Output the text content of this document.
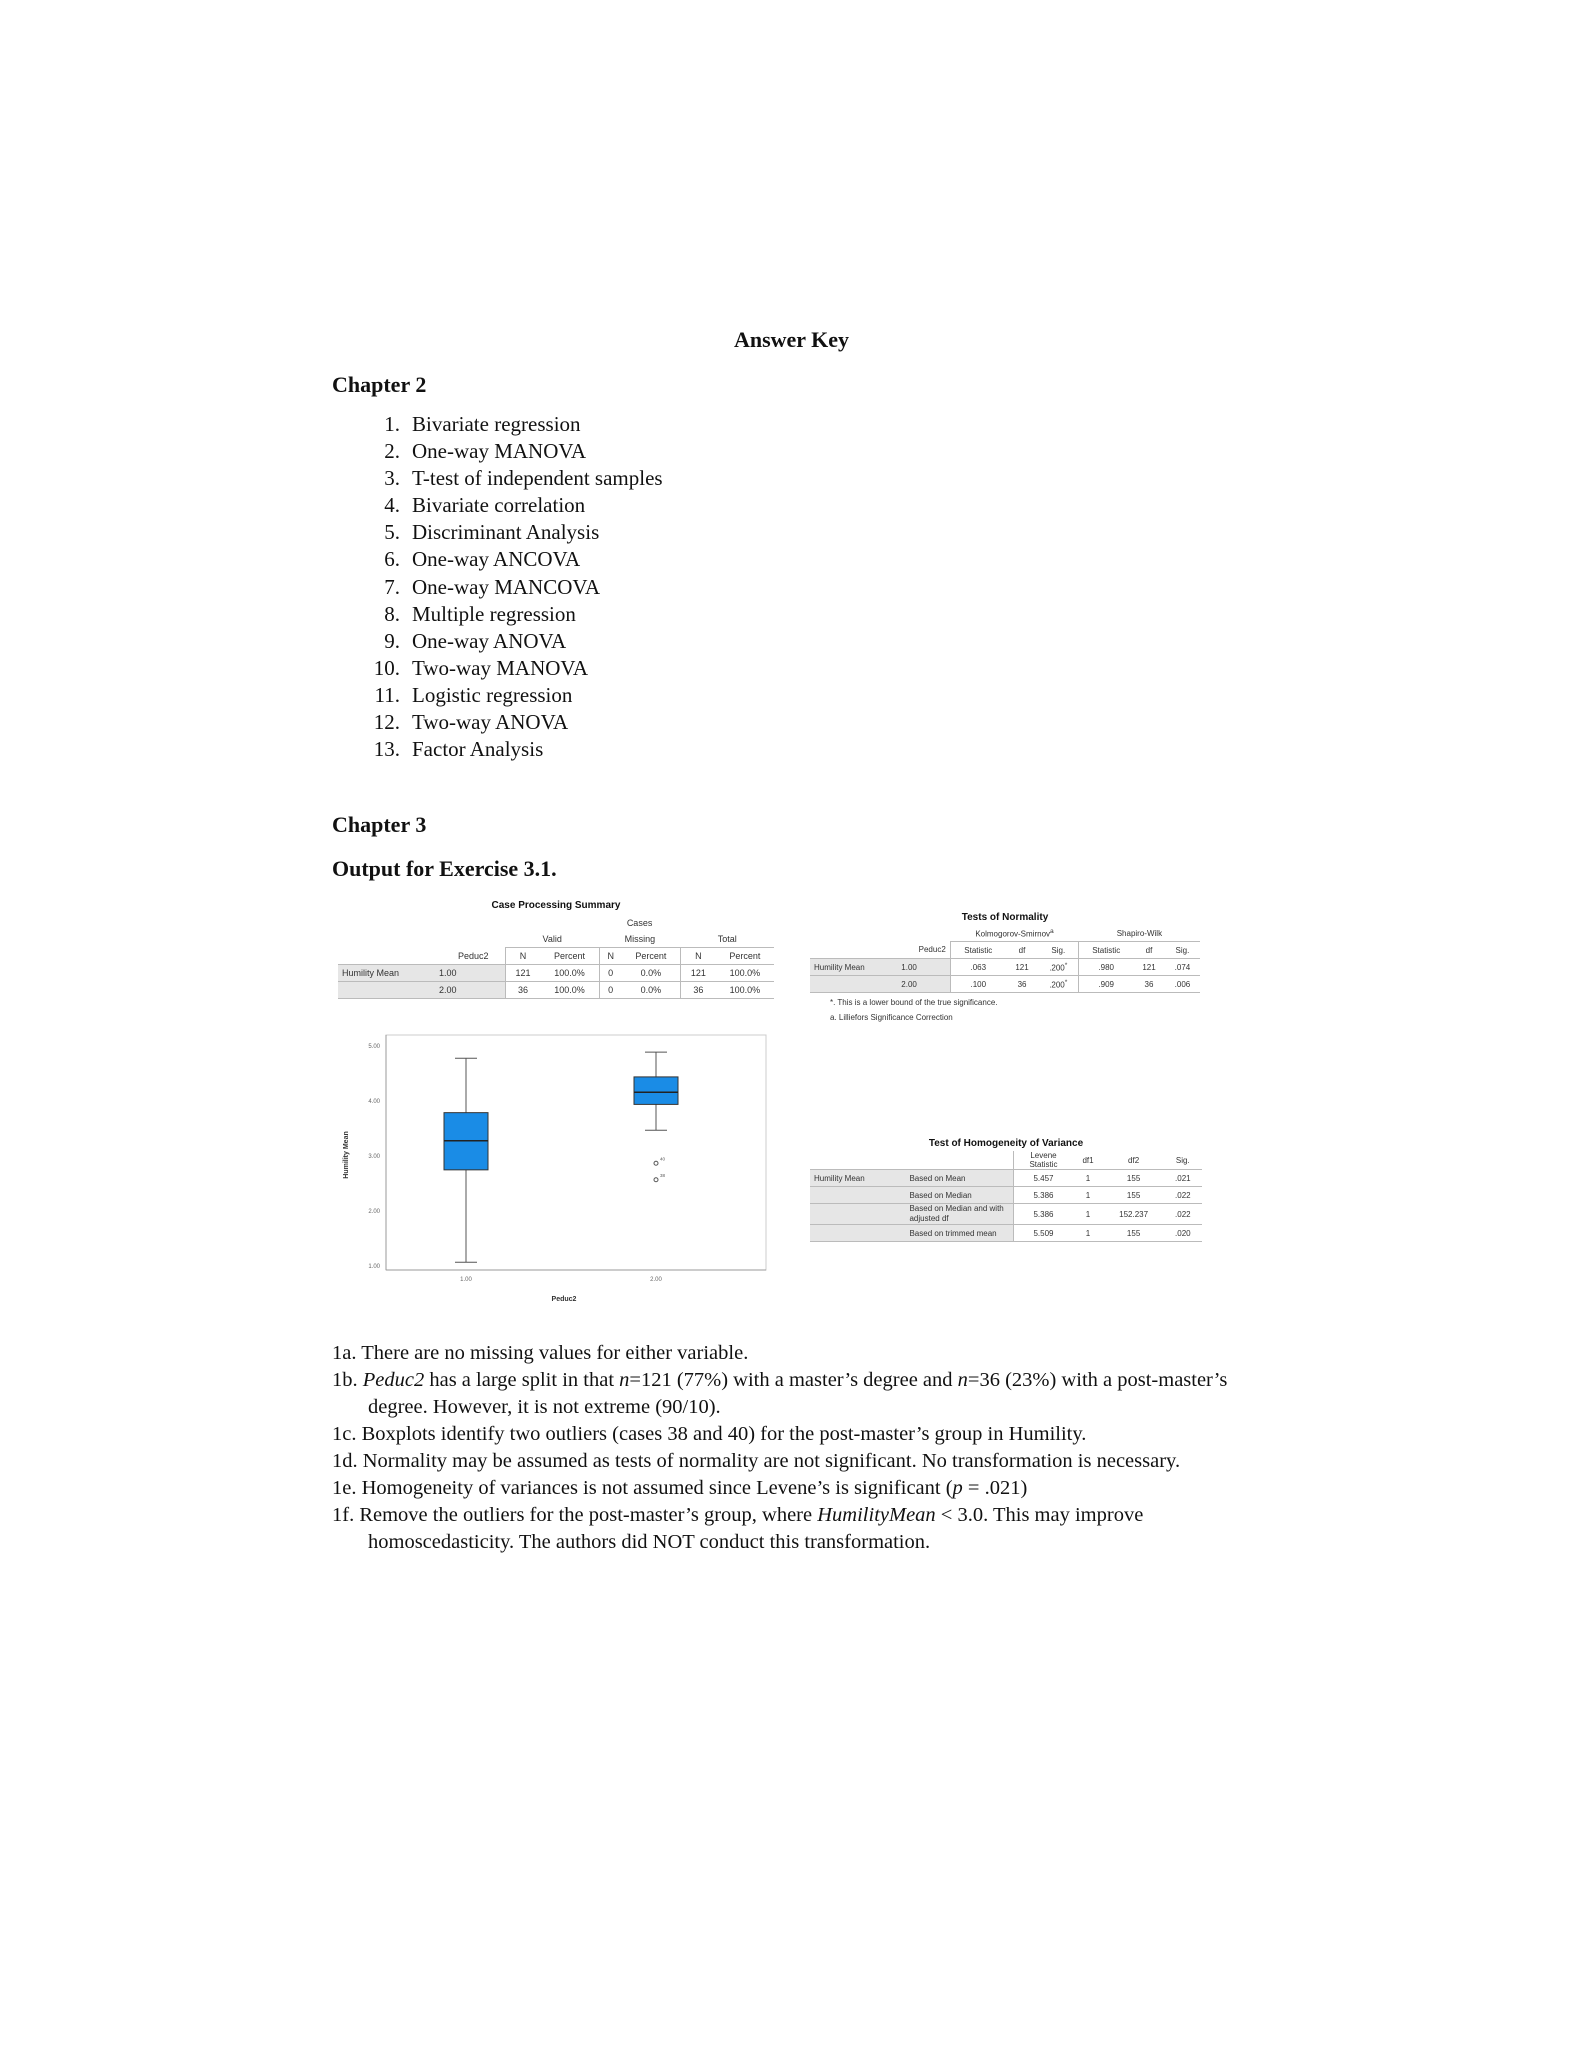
Answer Key
Chapter 2
1. Bivariate regression
2. One-way MANOVA
3. T-test of independent samples
4. Bivariate correlation
5. Discriminant Analysis
6. One-way ANCOVA
7. One-way MANCOVA
8. Multiple regression
9. One-way ANOVA
10. Two-way MANOVA
11. Logistic regression
12. Two-way ANOVA
13. Factor Analysis
Chapter 3
Output for Exercise 3.1.
Case Processing Summary
			Cases					
			Valid		Missing		Total	
	Peduc2		N	Percent	N	Percent	N	Percent
Humility Mean	1.00		121	100.0%	0	0.0%	121	100.0%
	2.00		36	100.0%	0	0.0%	36	100.0%
Tests of Normality
		Kolmogorov-Smirnov$^a$			Shapiro-Wilk		
	Peduc2	Statistic	df	Sig.	Statistic	df	Sig.
Humility Mean	1.00	.063	121	.200*	.980	121	.074
	2.00	.100	36	.200*	.909	36	.006
*. This is a lower bound of the true significance.
a. Lilliefors Significance Correction
1.00
2.00
3.00
4.00
5.00
Humility Mean
Peduc2
1.00	2.00
40
38
Test of Homogeneity of Variance
		Levene Statistic	df1	df2	Sig.
Humility Mean	Based on Mean	5.457	1	155	.021
	Based on Median	5.386	1	155	.022
	Based on Median and with adjusted df	5.386	1	152.237	.022
	Based on trimmed mean	5.509	1	155	.020

1a. There are no missing values for either variable.

1b. Peduc2 has a large split in that n=121 (77%) with a master’s degree and n=36 (23%) with a post-master’s degree. However, it is not extreme (90/10).

1c. Boxplots identify two outliers (cases 38 and 40) for the post-master’s group in Humility.

1d. Normality may be assumed as tests of normality are not significant. No transformation is necessary.

1e. Homogeneity of variances is not assumed since Levene’s is significant (p = .021)

1f. Remove the outliers for the post-master’s group, where HumilityMean < 3.0. This may improve homoscedasticity. The authors did NOT conduct this transformation.
